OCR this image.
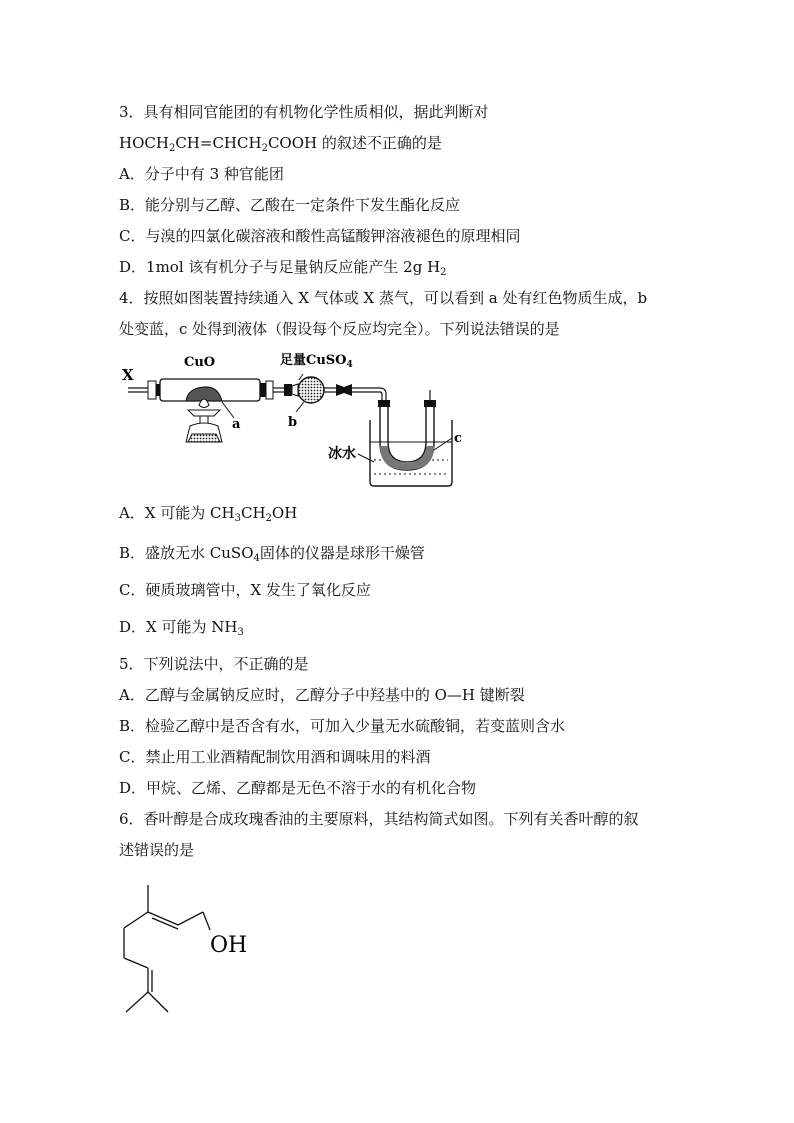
3．具有相同官能团的有机物化学性质相似，据此判断对
$HOCH_2CH=CHCH_2COOH$ 的叙述不正确的是
A．分子中有 3 种官能团
B．能分别与乙醇、乙酸在一定条件下发生酯化反应
C．与溴的四氯化碳溶液和酸性高锰酸钾溶液褪色的原理相同
D．1mol 该有机分子与足量钠反应能产生 2g $H_2$
4．按照如图装置持续通入 X 气体或 X 蒸气，可以看到 a 处有红色物质生成，b
处变蓝，c 处得到液体（假设每个反应均完全）。下列说法错误的是
X
CuO
a
足量CuSO$_4$
b
c
冰水
A．X 可能为 $CH_3CH_2OH$
B．盛放无水 CuSO$_4$固体的仪器是球形干燥管
C．硬质玻璃管中，X 发生了氧化反应
D．X 可能为 $NH_3$
5．下列说法中，不正确的是
A．乙醇与金属钠反应时，乙醇分子中羟基中的 O—H 键断裂
B．检验乙醇中是否含有水，可加入少量无水硫酸铜，若变蓝则含水
C．禁止用工业酒精配制饮用酒和调味用的料酒
D．甲烷、乙烯、乙醇都是无色不溶于水的有机化合物
6．香叶醇是合成玫瑰香油的主要原料，其结构简式如图。下列有关香叶醇的叙
述错误的是
OH
